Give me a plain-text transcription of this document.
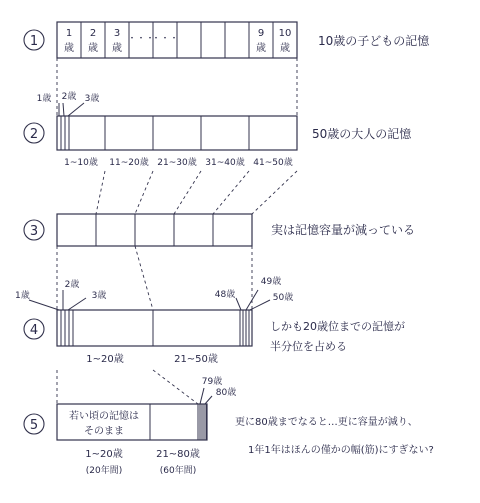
1
1
歳
2
歳
3
歳
・・・
・・・	9
歳
10
歳
10歳の子どもの記憶
2
1歳 2歳 3歳
1~10歳 11~20歳 21~30歳 31~40歳 41~50歳
50歳の大人の記憶
3	実は記憶容量が減っている
4
1歳
2歳
3歳	48歳
49歳
50歳
1~20歳	21~50歳
しかも20歳位までの記憶が
半分位を占める
5
若い頃の記憶は
そのまま
79歳
80歳
1~20歳
(20年間)
21~80歳
(60年間)
更に80歳までなると…更に容量が減り、
1年1年はほんの僅かの幅(筋)にすぎない?
